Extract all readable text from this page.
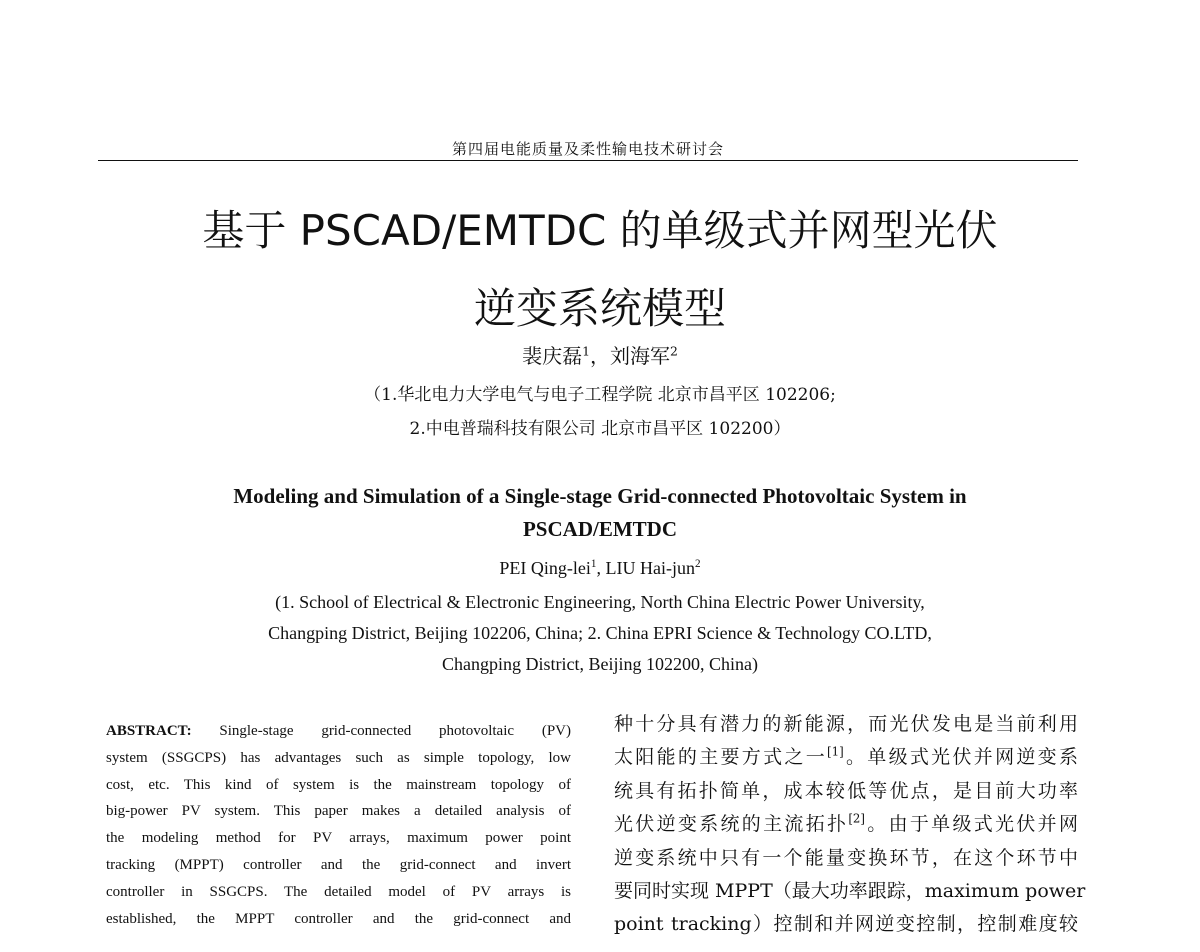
第四届电能质量及柔性输电技术研讨会
基于 PSCAD/EMTDC 的单级式并网型光伏
逆变系统模型
裴庆磊$^1$，刘海军$^2$
（1.华北电力大学电气与电子工程学院 北京市昌平区 102206;
2.中电普瑞科技有限公司 北京市昌平区 102200）
Modeling and Simulation of a Single-stage Grid-connected Photovoltaic System in
PSCAD/EMTDC
PEI Qing-lei$^1$, LIU Hai-jun$^2$
(1. School of Electrical & Electronic Engineering, North China Electric Power University,
Changping District, Beijing 102206, China; 2. China EPRI Science & Technology CO.LTD,
Changping District, Beijing 102200, China)
ABSTRACT: Single-stage grid-connected photovoltaic (PV)
system (SSGCPS) has advantages such as simple topology, low
cost, etc. This kind of system is the mainstream topology of
big-power PV system. This paper makes a detailed analysis of
the modeling method for PV arrays, maximum power point
tracking (MPPT) controller and the grid-connect and invert
controller in SSGCPS. The detailed model of PV arrays is
established, the MPPT controller and the grid-connect and
种十分具有潜力的新能源，而光伏发电是当前利用
太阳能的主要方式之一[1]。单级式光伏并网逆变系
统具有拓扑简单，成本较低等优点，是目前大功率
光伏逆变系统的主流拓扑[2]。由于单级式光伏并网
逆变系统中只有一个能量变换环节，在这个环节中
要同时实现 MPPT（最大功率跟踪，maximum power
point tracking）控制和并网逆变控制，控制难度较
